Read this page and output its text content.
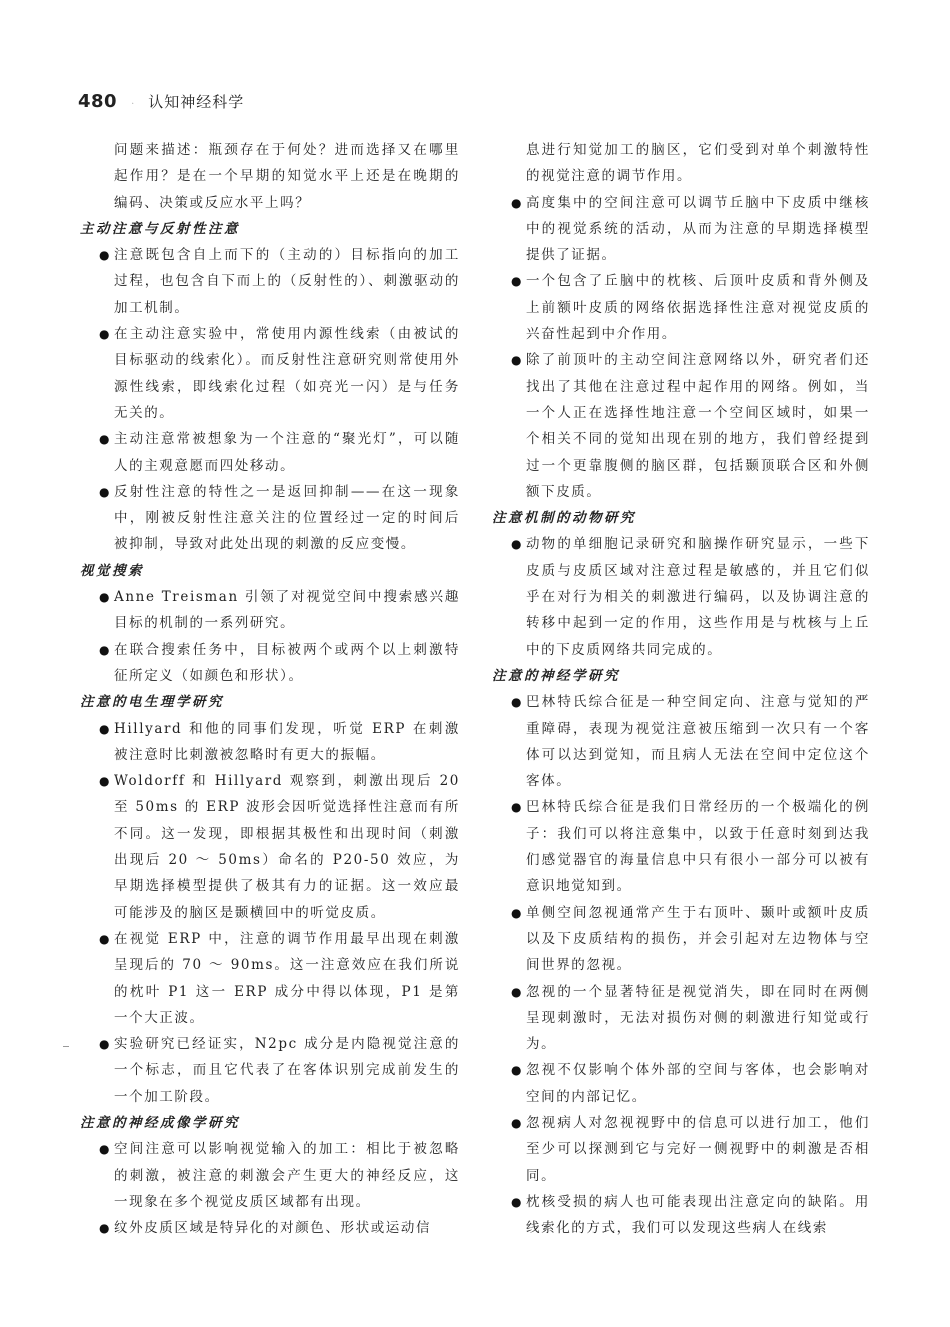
480 · 认知神经科学

问题来描述：瓶颈存在于何处？进而选择又在哪里起作用？是在一个早期的知觉水平上还是在晚期的编码、决策或反应水平上吗？

主动注意与反射性注意

● 注意既包含自上而下的（主动的）目标指向的加工过程，也包含自下而上的（反射性的）、刺激驱动的加工机制。

● 在主动注意实验中，常使用内源性线索（由被试的目标驱动的线索化）。而反射性注意研究则常使用外源性线索，即线索化过程（如亮光一闪）是与任务无关的。

● 主动注意常被想象为一个注意的“聚光灯”，可以随人的主观意愿而四处移动。

● 反射性注意的特性之一是返回抑制——在这一现象中，刚被反射性注意关注的位置经过一定的时间后被抑制，导致对此处出现的刺激的反应变慢。

视觉搜索

● Anne Treisman 引领了对视觉空间中搜索感兴趣目标的机制的一系列研究。

● 在联合搜索任务中，目标被两个或两个以上刺激特征所定义（如颜色和形状）。

注意的电生理学研究

● Hillyard 和他的同事们发现，听觉 ERP 在刺激被注意时比刺激被忽略时有更大的振幅。

● Woldorff 和 Hillyard 观察到，刺激出现后 20 至 50ms 的 ERP 波形会因听觉选择性注意而有所不同。这一发现，即根据其极性和出现时间（刺激出现后 20 ～ 50ms）命名的 P20-50 效应，为早期选择模型提供了极其有力的证据。这一效应最可能涉及的脑区是颞横回中的听觉皮质。

● 在视觉 ERP 中，注意的调节作用最早出现在刺激呈现后的 70 ～ 90ms。这一注意效应在我们所说的枕叶 P1 这一 ERP 成分中得以体现，P1 是第一个大正波。

● 实验研究已经证实，N2pc 成分是内隐视觉注意的一个标志，而且它代表了在客体识别完成前发生的一个加工阶段。

注意的神经成像学研究

● 空间注意可以影响视觉输入的加工：相比于被忽略的刺激，被注意的刺激会产生更大的神经反应，这一现象在多个视觉皮质区域都有出现。

● 纹外皮质区域是特异化的对颜色、形状或运动信

息进行知觉加工的脑区，它们受到对单个刺激特性的视觉注意的调节作用。

● 高度集中的空间注意可以调节丘脑中下皮质中继核中的视觉系统的活动，从而为注意的早期选择模型提供了证据。

● 一个包含了丘脑中的枕核、后顶叶皮质和背外侧及上前额叶皮质的网络依据选择性注意对视觉皮质的兴奋性起到中介作用。

● 除了前顶叶的主动空间注意网络以外，研究者们还找出了其他在注意过程中起作用的网络。例如，当一个人正在选择性地注意一个空间区域时，如果一个相关不同的觉知出现在别的地方，我们曾经提到过一个更靠腹侧的脑区群，包括颞顶联合区和外侧额下皮质。

注意机制的动物研究

● 动物的单细胞记录研究和脑操作研究显示，一些下皮质与皮质区域对注意过程是敏感的，并且它们似乎在对行为相关的刺激进行编码，以及协调注意的转移中起到一定的作用，这些作用是与枕核与上丘中的下皮质网络共同完成的。

注意的神经学研究

● 巴林特氏综合征是一种空间定向、注意与觉知的严重障碍，表现为视觉注意被压缩到一次只有一个客体可以达到觉知，而且病人无法在空间中定位这个客体。

● 巴林特氏综合征是我们日常经历的一个极端化的例子：我们可以将注意集中，以致于任意时刻到达我们感觉器官的海量信息中只有很小一部分可以被有意识地觉知到。

● 单侧空间忽视通常产生于右顶叶、颞叶或额叶皮质以及下皮质结构的损伤，并会引起对左边物体与空间世界的忽视。

● 忽视的一个显著特征是视觉消失，即在同时在两侧呈现刺激时，无法对损伤对侧的刺激进行知觉或行为。

● 忽视不仅影响个体外部的空间与客体，也会影响对空间的内部记忆。

● 忽视病人对忽视视野中的信息可以进行加工，他们至少可以探测到它与完好一侧视野中的刺激是否相同。

● 枕核受损的病人也可能表现出注意定向的缺陷。用线索化的方式，我们可以发现这些病人在线索
